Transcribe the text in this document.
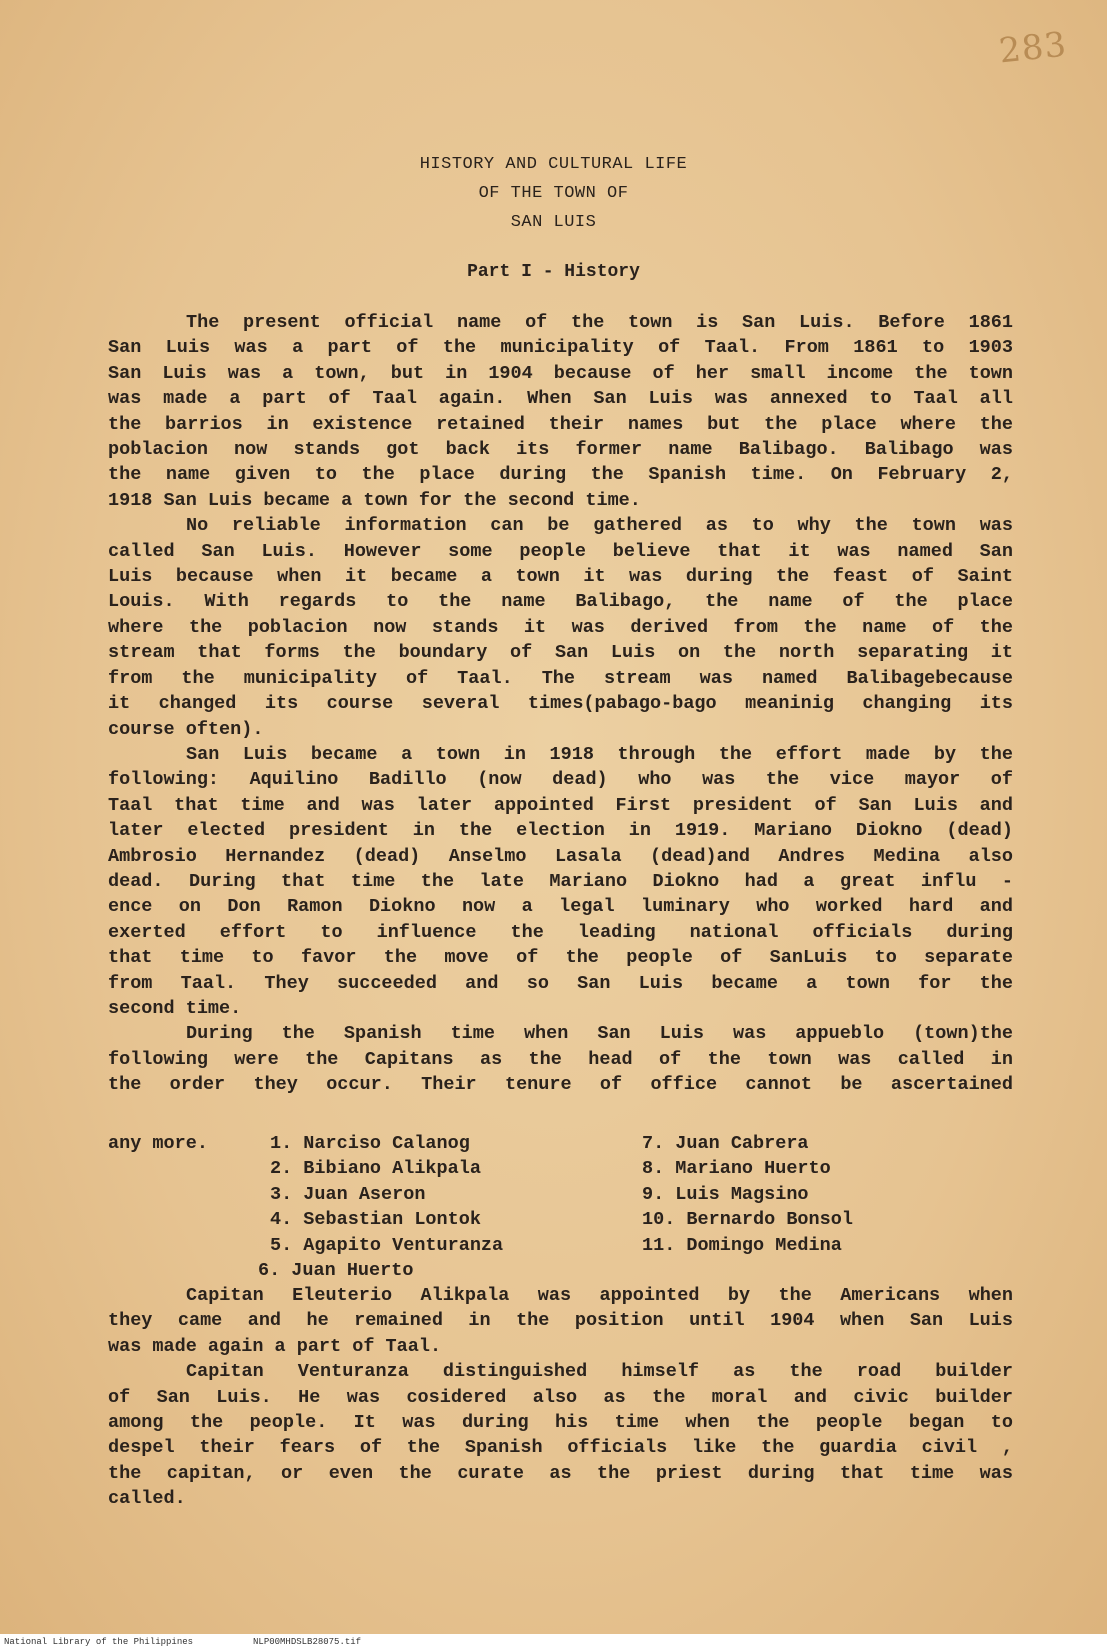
283
HISTORY AND CULTURAL LIFE
OF THE TOWN OF
SAN LUIS
Part I - History
The present official name of the town is San Luis. Before 1861
San Luis was a part of the municipality of Taal. From 1861 to 1903
San Luis was a town, but in 1904 because of her small income the town
was made a part of Taal again. When San Luis was annexed to Taal all
the barrios in existence retained their names but the place where the
poblacion now stands got back its former name Balibago. Balibago was
the name given to the place during the Spanish time. On February 2,
1918 San Luis became a town for the second time.
No reliable information can be gathered as to why the town was
called San Luis. However some people believe that it was named San
Luis because when it became a town it was during the feast of Saint
Louis. With regards to the name Balibago, the name of the place
where the poblacion now stands it was derived from the name of the
stream that forms the boundary of San Luis on the north separating it
from the municipality of Taal. The stream was named Balibagebecause
it changed its course several times(pabago-bago meaninig changing its
course often).
San Luis became a town in 1918 through the effort made by the
following: Aquilino Badillo (now dead) who was the vice mayor of
Taal that time and was later appointed First president of San Luis and
later elected president in the election in 1919. Mariano Diokno (dead)
Ambrosio Hernandez (dead) Anselmo Lasala (dead)and Andres Medina also
dead. During that time the late Mariano Diokno had a great influ -
ence on Don Ramon Diokno now a legal luminary who worked hard and
exerted effort to influence the leading national officials during
that time to favor the move of the people of SanLuis to separate
from Taal. They succeeded and so San Luis became a town for the
second time.
During the Spanish time when San Luis was appueblo (town)the
following were the Capitans as the head of the town was called in
the order they occur. Their tenure of office cannot be ascertained
any more.	1. Narciso Calanog	7. Juan Cabrera
2. Bibiano Alikpala	8. Mariano Huerto
3. Juan Aseron	9. Luis Magsino
4. Sebastian Lontok	10. Bernardo Bonsol
5. Agapito Venturanza	11. Domingo Medina
6. Juan Huerto
Capitan Eleuterio Alikpala was appointed by the Americans when
they came and he remained in the position until 1904 when San Luis
was made again a part of Taal.
Capitan Venturanza distinguished himself as the road builder
of San Luis. He was cosidered also as the moral and civic builder
among the people. It was during his time when the people began to
despel their fears of the Spanish officials like the guardia civil ,
the capitan, or even the curate as the priest during that time was
called.
National Library of the Philippines	NLP00MHDSLB28075.tif
